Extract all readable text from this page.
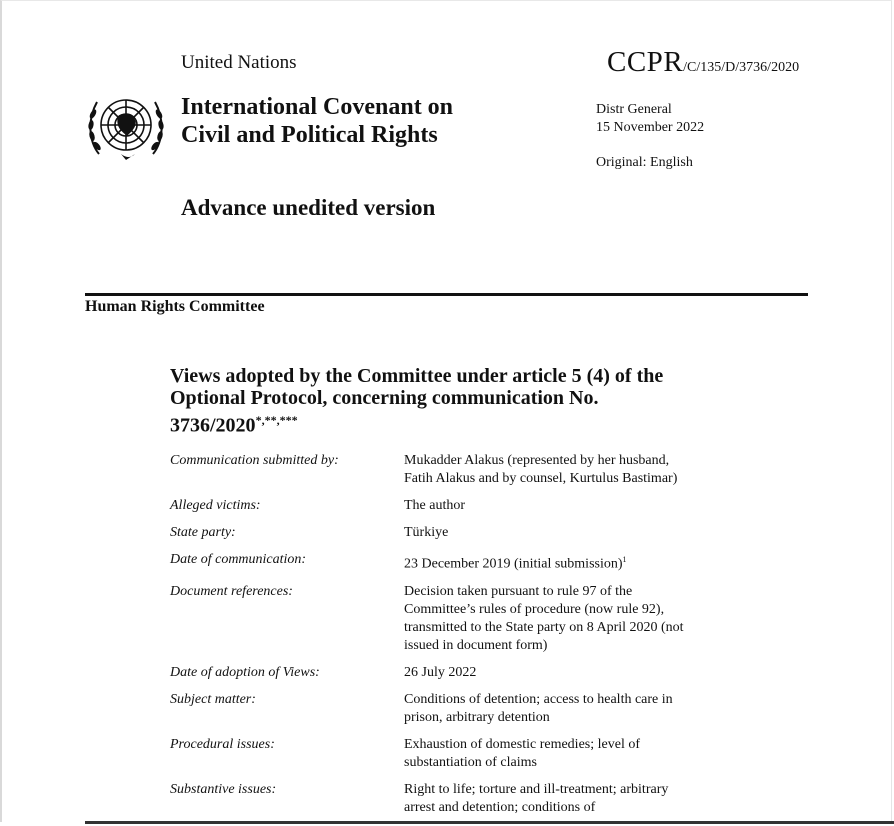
United Nations	CCPR/C/135/D/3736/2020
International Covenant on
Civil and Political Rights
Distr General
15 November 2022
Original: English
Advance unedited version
Human Rights Committee
Views adopted by the Committee under article 5 (4) of the
Optional Protocol, concerning communication No.
3736/2020*,**,***
Communication submitted by:	Mukadder Alakus (represented by her husband, Fatih Alakus and by counsel, Kurtulus Bastimar)
Alleged victims:	The author
State party:	Türkiye
Date of communication:	23 December 2019 (initial submission)$^1$
Document references:	Decision taken pursuant to rule 97 of the Committee’s rules of procedure (now rule 92), transmitted to the State party on 8 April 2020 (not issued in document form)
Date of adoption of Views:	26 July 2022
Subject matter:	Conditions of detention; access to health care in prison, arbitrary detention
Procedural issues:	Exhaustion of domestic remedies; level of substantiation of claims
Substantive issues:	Right to life; torture and ill-treatment; arbitrary arrest and detention; conditions of
